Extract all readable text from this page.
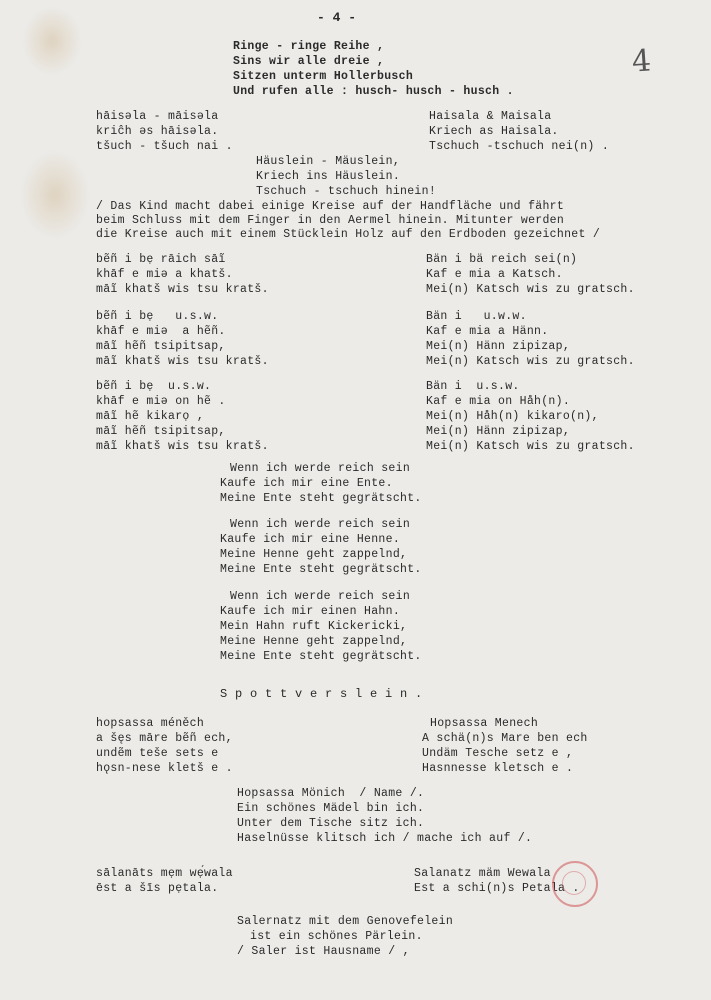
- 4 -
4
Ringe - ringe Reihe ,
Sins wir alle dreie ,
Sitzen unterm Hollerbusch
Und rufen alle : husch- husch - husch .
hāisəla - māisəla
kriĉh əs hāisəla.
tšuch - tšuch nai .
Haisala & Maisala
Kriech as Haisala.
Tschuch -tschuch nei(n) .
Häuslein - Mäuslein,
Kriech ins Häuslein.
Tschuch - tschuch hinein!
/ Das Kind macht dabei einige Kreise auf der Handfläche und fährt
beim Schluss mit dem Finger in den Aermel hinein. Mitunter werden
die Kreise auch mit einem Stücklein Holz auf den Erdboden gezeichnet /
bẽñ i bẹ rāich sāĩ
khāf e miə a khatš.
māĩ khatš wis tsu kratš.
Bän i bä reich sei(n)
Kaf e mia a Katsch.
Mei(n) Katsch wis zu gratsch.
bẽñ i bẹ   u.s.w.
khāf e miə  a hẽñ.
māĩ hẽñ tsipitsap,
māĩ khatš wis tsu kratš.
Bän i   u.w.w.
Kaf e mia a Hänn.
Mei(n) Hänn zipizap,
Mei(n) Katsch wis zu gratsch.
bẽñ i bẹ  u.s.w.
khāf e miə on hẽ .
māĩ hẽ kikarọ ,
māĩ hẽñ tsipitsap,
māĩ khatš wis tsu kratš.
Bän i  u.s.w.
Kaf e mia on Håh(n).
Mei(n) Håh(n) kikaro(n),
Mei(n) Hänn zipizap,
Mei(n) Katsch wis zu gratsch.
Wenn ich werde reich sein
Kaufe ich mir eine Ente.
Meine Ente steht gegrätscht.
Wenn ich werde reich sein
Kaufe ich mir eine Henne.
Meine Henne geht zappelnd,
Meine Ente steht gegrätscht.
Wenn ich werde reich sein
Kaufe ich mir einen Hahn.
Mein Hahn ruft Kickericki,
Meine Henne geht zappelnd,
Meine Ente steht gegrätscht.
S p o t t v e r s l e i n .
hopsassa méněch
a šęs māre bẽñ ech,
undẽm teše sets e
hǫsn-nese kletš e .
Hopsassa Menech
A schä(n)s Mare ben ech
Undäm Tesche setz e ,
Hasnnesse kletsch e .
Hopsassa Mönich  / Name /.
Ein schönes Mädel bin ich.
Unter dem Tische sitz ich.
Haselnüsse klitsch ich / mache ich auf /.
sālanāts mẹm wẹ́wala
ēst a šīs pẹtala.
Salanatz mäm Wewala
Est a schi(n)s Petala .
Salernatz mit dem Genovefelein
ist ein schönes Pärlein.
/ Saler ist Hausname / ,
